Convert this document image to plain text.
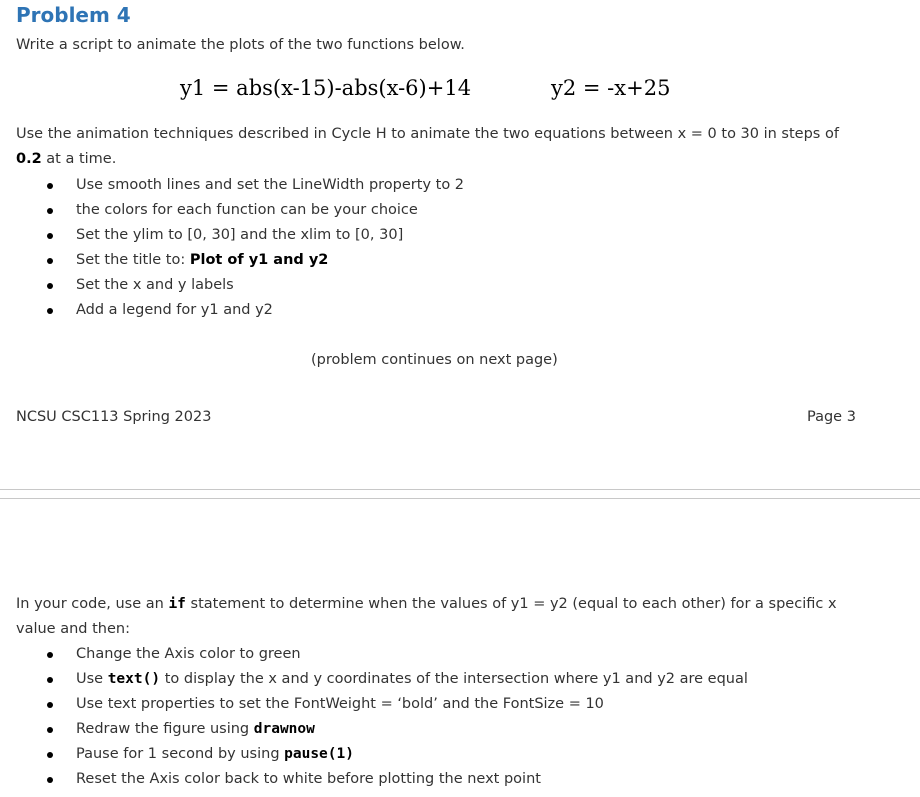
Problem 4
Write a script to animate the plots of the two functions below.
y1 = abs(x-15)-abs(x-6)+14	y2 = -x+25
Use the animation techniques described in Cycle H to animate the two equations between x = 0 to 30 in steps of
0.2 at a time.
Use smooth lines and set the LineWidth property to 2
the colors for each function can be your choice
Set the ylim to [0, 30] and the xlim to [0, 30]
Set the title to: Plot of y1 and y2
Set the x and y labels
Add a legend for y1 and y2
(problem continues on next page)
NCSU CSC113 Spring 2023	Page 3
In your code, use an if statement to determine when the values of y1 = y2 (equal to each other) for a specific x
value and then:
Change the Axis color to green
Use text() to display the x and y coordinates of the intersection where y1 and y2 are equal
Use text properties to set the FontWeight = ‘bold’ and the FontSize = 10
Redraw the figure using drawnow
Pause for 1 second by using pause(1)
Reset the Axis color back to white before plotting the next point
